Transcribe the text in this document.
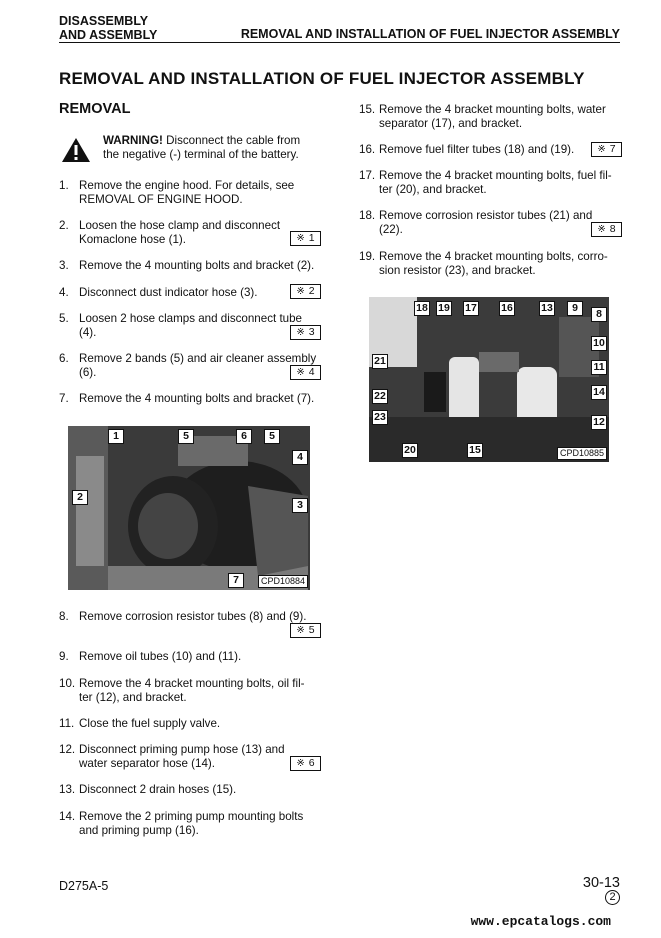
DISASSEMBLY
AND ASSEMBLY	REMOVAL AND INSTALLATION OF FUEL INJECTOR ASSEMBLY
REMOVAL AND INSTALLATION OF FUEL INJECTOR ASSEMBLY
REMOVAL
WARNING! Disconnect the cable from
the negative (-) terminal of the battery.
1. Remove the engine hood. For details, see
REMOVAL OF ENGINE HOOD.
2. Loosen the hose clamp and disconnect
Komaclone hose (1).	※ 1
3. Remove the 4 mounting bolts and bracket (2).
4. Disconnect dust indicator hose (3).	※ 2
5. Loosen 2 hose clamps and disconnect tube
(4).	※ 3
6. Remove 2 bands (5) and air cleaner assembly
(6).	※ 4
7. Remove the 4 mounting bolts and bracket (7).
1	5	6	5
4
2
3
7	CPD10884
8. Remove corrosion resistor tubes (8) and (9).
※ 5
9. Remove oil tubes (10) and (11).
10. Remove the 4 bracket mounting bolts, oil fil-
ter (12), and bracket.
11. Close the fuel supply valve.
12. Disconnect priming pump hose (13) and
water separator hose (14).	※ 6
13. Disconnect 2 drain hoses (15).
14. Remove the 2 priming pump mounting bolts
and priming pump (16).
15. Remove the 4 bracket mounting bolts, water
separator (17), and bracket.
16. Remove fuel filter tubes (18) and (19).	※ 7
17. Remove the 4 bracket mounting bolts, fuel fil-
ter (20), and bracket.
18. Remove corrosion resistor tubes (21) and
(22).	※ 8
19. Remove the 4 bracket mounting bolts, corro-
sion resistor (23), and bracket.
18 19 17 16	13	9	8
10
11
21
22
23
14
12
20	15	CPD10885
D275A-5	30-13
2
www.epcatalogs.com
